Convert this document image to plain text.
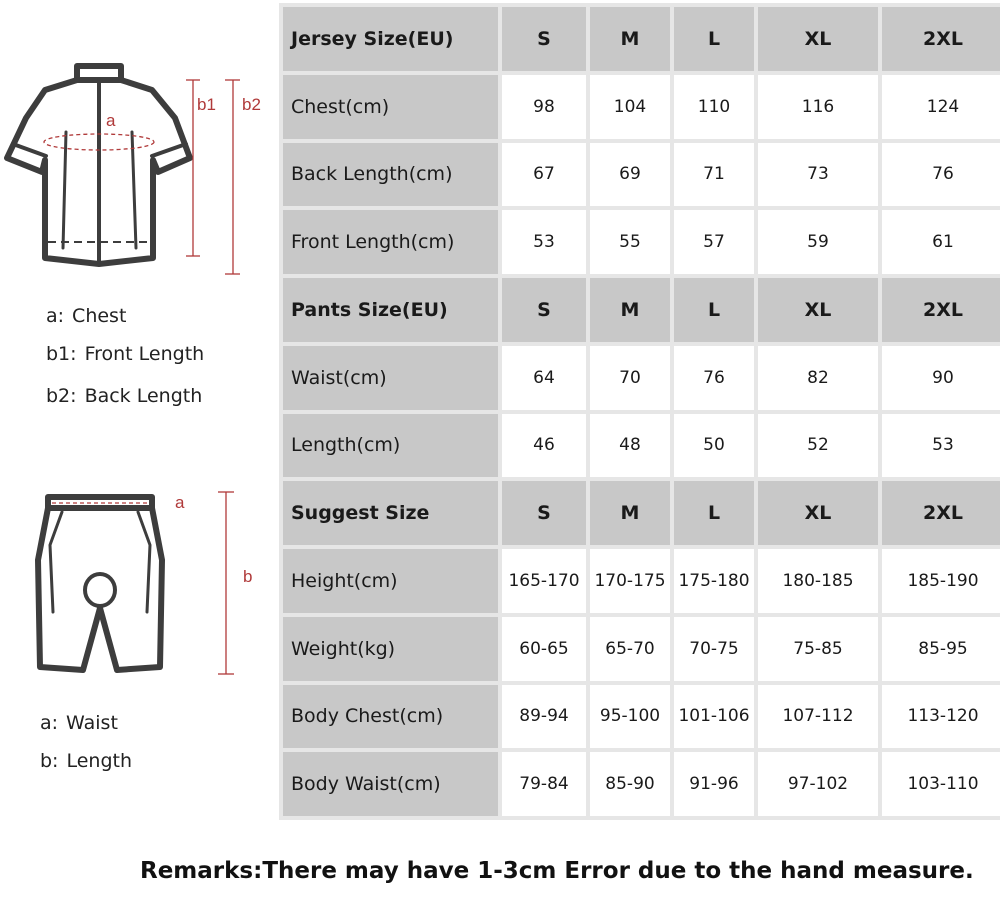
a
b1 b2
a: Chest
b1: Front Length
b2: Back Length
a
b
a: Waist
b: Length
Jersey Size(EU)	S	M	L	XL	2XL
Chest(cm)	98	104	110	116	124
Back Length(cm)	67	69	71	73	76
Front Length(cm)	53	55	57	59	61
Pants Size(EU)	S	M	L	XL	2XL
Waist(cm)	64	70	76	82	90
Length(cm)	46	48	50	52	53
Suggest Size	S	M	L	XL	2XL
Height(cm)	165-170	170-175	175-180	180-185	185-190
Weight(kg)	60-65	65-70	70-75	75-85	85-95
Body Chest(cm)	89-94	95-100	101-106	107-112	113-120
Body Waist(cm)	79-84	85-90	91-96	97-102	103-110
Remarks:There may have 1-3cm Error due to the hand measure.
